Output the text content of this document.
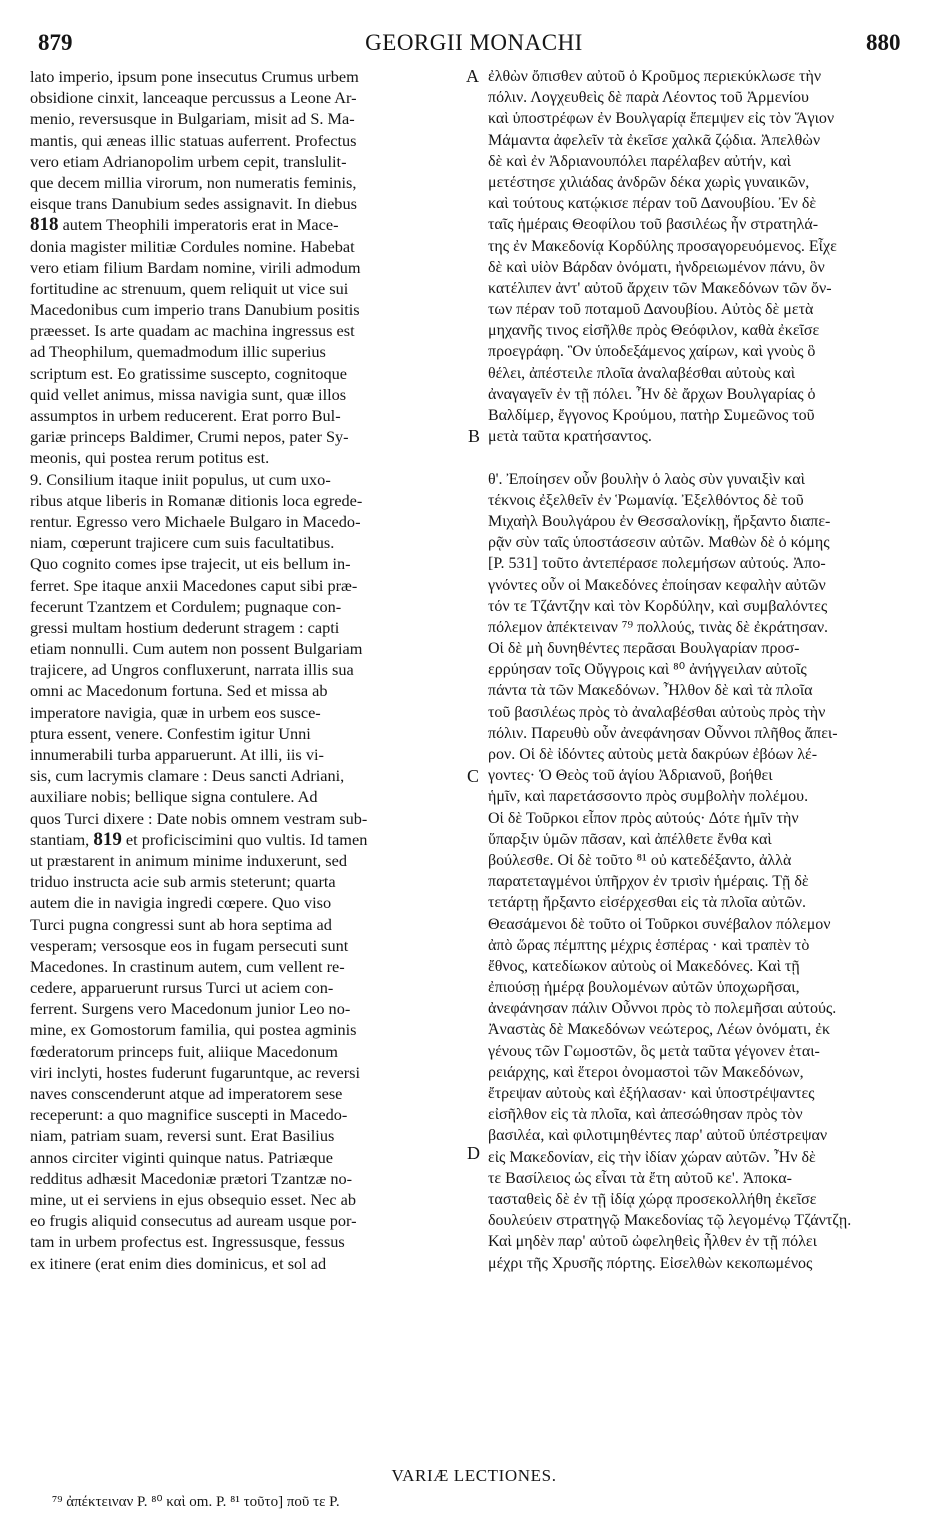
879	GEORGII MONACHI	880
lato imperio, ipsum pone insecutus Crumus urbem
obsidione cinxit, lanceaque percussus a Leone Ar-
menio, reversusque in Bulgariam, misit ad S. Ma-
mantis, qui æneas illic statuas auferrent. Profectus
vero etiam Adrianopolim urbem cepit, translulit-
que decem millia virorum, non numeratis feminis,
eisque trans Danubium sedes assignavit. In diebus
818 autem Theophili imperatoris erat in Mace-
donia magister militiæ Cordules nomine. Habebat
vero etiam filium Bardam nomine, virili admodum
fortitudine ac strenuum, quem reliquit ut vice sui
Macedonibus cum imperio trans Danubium positis
præesset. Is arte quadam ac machina ingressus est
ad Theophilum, quemadmodum illic superius
scriptum est. Eo gratissime suscepto, cognitoque
quid vellet animus, missa navigia sunt, quæ illos
assumptos in urbem reducerent. Erat porro Bul-
gariæ princeps Baldimer, Crumi nepos, pater Sy-
meonis, qui postea rerum potitus est.
9. Consilium itaque iniit populus, ut cum uxo-
ribus atque liberis in Romanæ ditionis loca egrede-
rentur. Egresso vero Michaele Bulgaro in Macedo-
niam, cœperunt trajicere cum suis facultatibus.
Quo cognito comes ipse trajecit, ut eis bellum in-
ferret. Spe itaque anxii Macedones caput sibi præ-
fecerunt Tzantzem et Cordulem; pugnaque con-
gressi multam hostium dederunt stragem : capti
etiam nonnulli. Cum autem non possent Bulgariam
trajicere, ad Ungros confluxerunt, narrata illis sua
omni ac Macedonum fortuna. Sed et missa ab
imperatore navigia, quæ in urbem eos susce-
ptura essent, venere. Confestim igitur Unni
innumerabili turba apparuerunt. At illi, iis vi-
sis, cum lacrymis clamare : Deus sancti Adriani,
auxiliare nobis; bellique signa contulere. Ad
quos Turci dixere : Date nobis omnem vestram sub-
stantiam, 819 et proficiscimini quo vultis. Id tamen
ut præstarent in animum minime induxerunt, sed
triduo instructa acie sub armis steterunt; quarta
autem die in navigia ingredi cœpere. Quo viso
Turci pugna congressi sunt ab hora septima ad
vesperam; versosque eos in fugam persecuti sunt
Macedones. In crastinum autem, cum vellent re-
cedere, apparuerunt rursus Turci ut aciem con-
ferrent. Surgens vero Macedonum junior Leo no-
mine, ex Gomostorum familia, qui postea agminis
fœderatorum princeps fuit, aliique Macedonum
viri inclyti, hostes fuderunt fugaruntque, ac reversi
naves conscenderunt atque ad imperatorem sese
receperunt: a quo magnifice suscepti in Macedo-
niam, patriam suam, reversi sunt. Erat Basilius
annos circiter viginti quinque natus. Patriæque
redditus adhæsit Macedoniæ prætori Tzantzæ no-
mine, ut ei serviens in ejus obsequio esset. Nec ab
eo frugis aliquid consecutus ad auream usque por-
tam in urbem profectus est. Ingressusque, fessus
ex itinere (erat enim dies dominicus, et sol ad
ἐλθὼν ὄπισθεν αὐτοῦ ὁ Κροῦμος περιεκύκλωσε τὴν
πόλιν. Λογχευθεὶς δὲ παρὰ Λέοντος τοῦ Ἀρμενίου
καὶ ὑποστρέφων ἐν Βουλγαρίᾳ ἔπεμψεν εἰς τὸν Ἅγιον
Μάμαντα ἀφελεῖν τὰ ἐκεῖσε χαλκᾶ ζῴδια. Ἀπελθὼν
δὲ καὶ ἐν Ἀδριανουπόλει παρέλαβεν αὐτήν, καὶ
μετέστησε χιλιάδας ἀνδρῶν δέκα χωρὶς γυναικῶν,
καὶ τούτους κατῴκισε πέραν τοῦ Δανουβίου. Ἐν δὲ
ταῖς ἡμέραις Θεοφίλου τοῦ βασιλέως ἦν στρατηλά-
της ἐν Μακεδονίᾳ Κορδύλης προσαγορευόμενος. Εἶχε
δὲ καὶ υἱὸν Βάρδαν ὀνόματι, ἠνδρειωμένον πάνυ, ὃν
κατέλιπεν ἀντ' αὐτοῦ ἄρχειν τῶν Μακεδόνων τῶν ὄν-
των πέραν τοῦ ποταμοῦ Δανουβίου. Αὐτὸς δὲ μετὰ
μηχανῆς τινος εἰσῆλθε πρὸς Θεόφιλον, καθὰ ἐκεῖσε
προεγράφη. Ὃν ὑποδεξάμενος χαίρων, καὶ γνοὺς ὃ
θέλει, ἀπέστειλε πλοῖα ἀναλαβέσθαι αὐτοὺς καὶ
ἀναγαγεῖν ἐν τῇ πόλει. Ἦν δὲ ἄρχων Βουλγαρίας ὁ
Βαλδίμερ, ἔγγονος Κρούμου, πατὴρ Συμεῶνος τοῦ
μετὰ ταῦτα κρατήσαντος.
θ'. Ἐποίησεν οὖν βουλὴν ὁ λαὸς σὺν γυναιξὶν καὶ
τέκνοις ἐξελθεῖν ἐν Ῥωμανίᾳ. Ἐξελθόντος δὲ τοῦ
Μιχαὴλ Βουλγάρου ἐν Θεσσαλονίκῃ, ἤρξαντο διαπε-
ρᾷν σὺν ταῖς ὑποστάσεσιν αὐτῶν. Μαθὼν δὲ ὁ κόμης
[P. 531] τοῦτο ἀντεπέρασε πολεμήσων αὐτούς. Ἀπο-
γνόντες οὖν οἱ Μακεδόνες ἐποίησαν κεφαλὴν αὐτῶν
τόν τε Τζάντζην καὶ τὸν Κορδύλην, καὶ συμβαλόντες
πόλεμον ἀπέκτειναν ⁷⁹ πολλούς, τινὰς δὲ ἐκράτησαν.
Οἱ δὲ μὴ δυνηθέντες περᾶσαι Βουλγαρίαν προσ-
ερρύησαν τοῖς Οὔγγροις καὶ ⁸⁰ ἀνήγγειλαν αὐτοῖς
πάντα τὰ τῶν Μακεδόνων. Ἦλθον δὲ καὶ τὰ πλοῖα
τοῦ βασιλέως πρὸς τὸ ἀναλαβέσθαι αὐτοὺς πρὸς τὴν
πόλιν. Παρευθὺ οὖν ἀνεφάνησαν Οὖννοι πλῆθος ἄπει-
ρον. Οἱ δὲ ἰδόντες αὐτοὺς μετὰ δακρύων ἐβόων λέ-
γοντες· Ὁ Θεὸς τοῦ ἁγίου Ἀδριανοῦ, βοήθει
ἡμῖν, καὶ παρετάσσοντο πρὸς συμβολὴν πολέμου.
Οἱ δὲ Τοῦρκοι εἶπον πρὸς αὐτούς· Δότε ἡμῖν τὴν
ὕπαρξιν ὑμῶν πᾶσαν, καὶ ἀπέλθετε ἔνθα καὶ
βούλεσθε. Οἱ δὲ τοῦτο ⁸¹ οὐ κατεδέξαντο, ἀλλὰ
παρατεταγμένοι ὑπῆρχον ἐν τρισὶν ἡμέραις. Τῇ δὲ
τετάρτῃ ἤρξαντο εἰσέρχεσθαι εἰς τὰ πλοῖα αὐτῶν.
Θεασάμενοι δὲ τοῦτο οἱ Τοῦρκοι συνέβαλον πόλεμον
ἀπὸ ὥρας πέμπτης μέχρις ἑσπέρας · καὶ τραπὲν τὸ
ἔθνος, κατεδίωκον αὐτοὺς οἱ Μακεδόνες. Καὶ τῇ
ἐπιούσῃ ἡμέρᾳ βουλομένων αὐτῶν ὑποχωρῆσαι,
ἀνεφάνησαν πάλιν Οὖννοι πρὸς τὸ πολεμῆσαι αὐτούς.
Ἀναστὰς δὲ Μακεδόνων νεώτερος, Λέων ὀνόματι, ἐκ
γένους τῶν Γωμοστῶν, ὃς μετὰ ταῦτα γέγονεν ἑται-
ρειάρχης, καὶ ἕτεροι ὀνομαστοὶ τῶν Μακεδόνων,
ἔτρεψαν αὐτοὺς καὶ ἐξήλασαν· καὶ ὑποστρέψαντες
εἰσῆλθον εἰς τὰ πλοῖα, καὶ ἀπεσώθησαν πρὸς τὸν
βασιλέα, καὶ φιλοτιμηθέντες παρ' αὐτοῦ ὑπέστρεψαν
εἰς Μακεδονίαν, εἰς τὴν ἰδίαν χώραν αὐτῶν. Ἦν δὲ
τε Βασίλειος ὡς εἶναι τὰ ἔτη αὐτοῦ κε'. Ἀποκα-
τασταθεὶς δὲ ἐν τῇ ἰδίᾳ χώρᾳ προσεκολλήθη ἐκεῖσε
δουλεύειν στρατηγῷ Μακεδονίας τῷ λεγομένῳ Τζάντζῃ.
Καὶ μηδὲν παρ' αὐτοῦ ὠφεληθεὶς ἦλθεν ἐν τῇ πόλει
μέχρι τῆς Χρυσῆς πόρτης. Εἰσελθὼν κεκοπωμένος
A
B
C
D
VARIÆ LECTIONES.
⁷⁹ ἀπέκτειναν P. ⁸⁰ καὶ om. P. ⁸¹ τοῦτο] ποῦ τε P.
